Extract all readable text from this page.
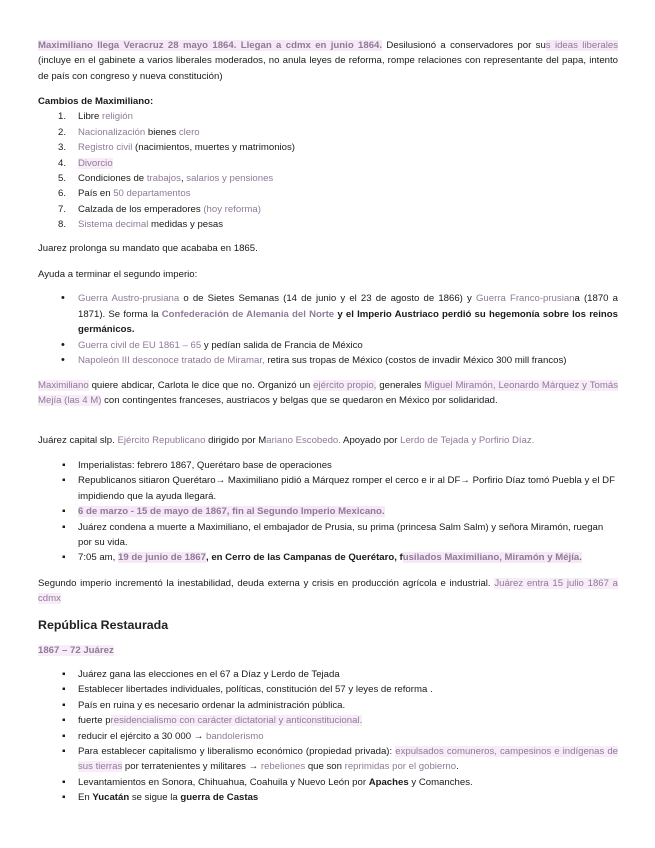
Maximiliano llega Veracruz 28 mayo 1864. Llegan a cdmx en junio 1864. Desilusionó a conservadores por sus ideas liberales (incluye en el gabinete a varios liberales moderados, no anula leyes de reforma, rompe relaciones con representante del papa, intento de país con congreso y nueva constitución)

Cambios de Maximiliano:

1. Libre religión
2. Nacionalización bienes clero
3. Registro civil (nacimientos, muertes y matrimonios)
4. Divorcio
5. Condiciones de trabajos, salarios y pensiones
6. País en 50 departamentos
7. Calzada de los emperadores (hoy reforma)
8. Sistema decimal medidas y pesas

Juarez prolonga su mandato que acababa en 1865.

Ayuda a terminar el segundo imperio:

• Guerra Austro-prusiana o de Sietes Semanas (14 de junio y el 23 de agosto de 1866) y Guerra Franco-prusiana (1870 a 1871). Se forma la Confederación de Alemania del Norte y el Imperio Austriaco perdió su hegemonía sobre los reinos germánicos.
• Guerra civil de EU 1861 – 65 y pedían salida de Francia de México
• Napoleón III desconoce tratado de Miramar, retira sus tropas de México (costos de invadir México 300 mill francos)

Maximiliano quiere abdicar, Carlota le dice que no. Organizó un ejército propio, generales Miguel Miramón, Leonardo Márquez y Tomás Mejía (las 4 M) con contingentes franceses, austriacos y belgas que se quedaron en México por solidaridad.

Juárez capital slp. Ejército Republicano dirigido por Mariano Escobedo. Apoyado por Lerdo de Tejada y Porfirio Díaz.

▪ Imperialistas: febrero 1867, Querétaro base de operaciones
▪ Republicanos sitiaron Querétaro→ Maximiliano pidió a Márquez romper el cerco e ir al DF→ Porfirio Díaz tomó Puebla y el DF impidiendo que la ayuda llegará.
▪ 6 de marzo - 15 de mayo de 1867, fin al Segundo Imperio Mexicano.
▪ Juárez condena a muerte a Maximiliano, el embajador de Prusia, su prima (princesa Salm Salm) y señora Miramón, ruegan por su vida.
▪ 7:05 am, 19 de junio de 1867, en Cerro de las Campanas de Querétaro, fusilados Maximiliano, Miramón y Méjía.

Segundo imperio incrementó la inestabilidad, deuda externa y crisis en producción agrícola e industrial. Juárez entra 15 julio 1867 a cdmx

República Restaurada

1867 – 72 Juárez

▪ Juárez gana las elecciones en el 67 a Díaz y Lerdo de Tejada
▪ Establecer libertades individuales, políticas, constitución del 57 y leyes de reforma .
▪ País en ruina y es necesario ordenar la administración pública.
▪ fuerte presidencialismo con carácter dictatorial y anticonstitucional.
▪ reducir el ejército a 30 000 → bandolerismo
▪ Para establecer capitalismo y liberalismo económico (propiedad privada): expulsados comuneros, campesinos e indígenas de sus tierras por terratenientes y militares → rebeliones que son reprimidas por el gobierno.
▪ Levantamientos en Sonora, Chihuahua, Coahuila y Nuevo León por Apaches y Comanches.
▪ En Yucatán se sigue la guerra de Castas
